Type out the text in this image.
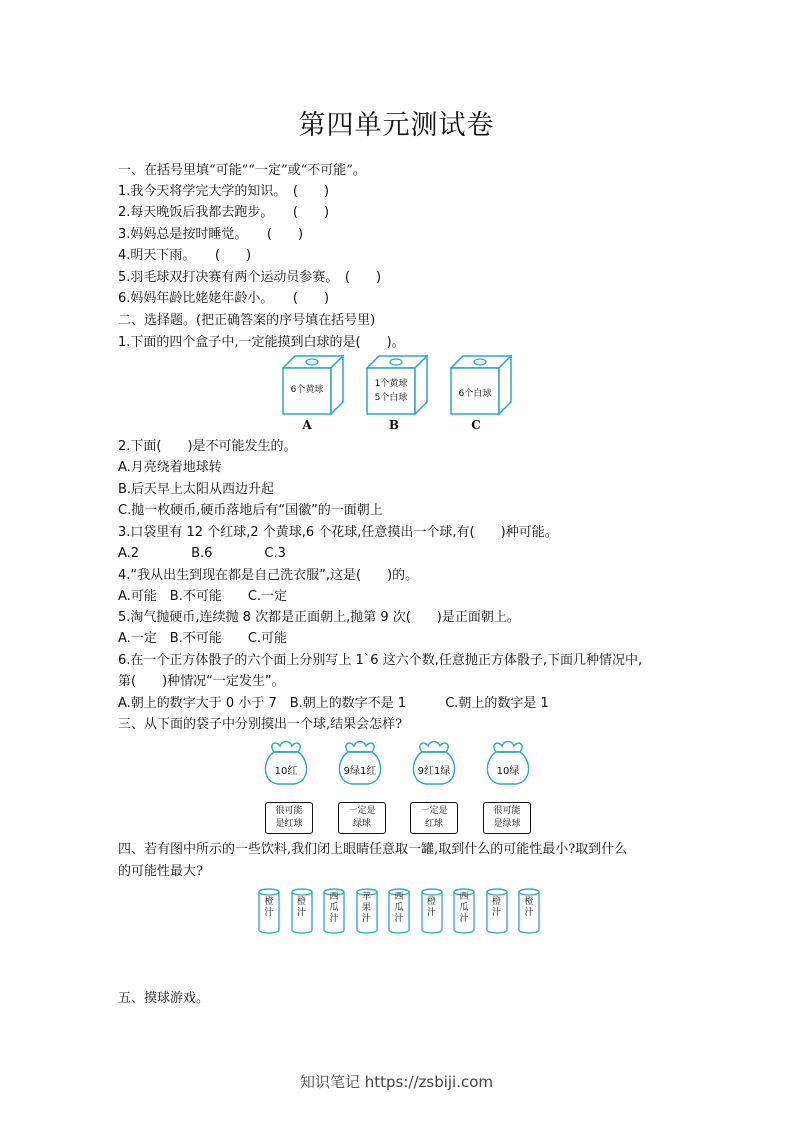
第四单元测试卷
一、在括号里填“可能”“一定”或“不可能”。
1.我今天将学完大学的知识。　(　　)
2.每天晚饭后我都去跑步。　　(　　)
3.妈妈总是按时睡觉。　　(　　)
4.明天下雨。　　(　　)
5.羽毛球双打决赛有两个运动员参赛。　(　　)
6.妈妈年龄比姥姥年龄小。　　(　　)
二、选择题。(把正确答案的序号填在括号里)
1.下面的四个盒子中,一定能摸到白球的是(　　)。
6个黄球
A
1个黄球
5个白球
B
6个白球
C
2.下面(　　)是不可能发生的。
A.月亮绕着地球转
B.后天早上太阳从西边升起
C.抛一枚硬币,硬币落地后有“国徽”的一面朝上
3.口袋里有 12 个红球,2 个黄球,6 个花球,任意摸出一个球,有(　　)种可能。
A.2　　　　B.6　　　　C.3
4.“我从出生到现在都是自己洗衣服”,这是(　　)的。
A.可能　B.不可能　　C.一定
5.淘气抛硬币,连续抛 8 次都是正面朝上,抛第 9 次(　　)是正面朝上。
A.一定　B.不可能　　C.可能
6.在一个正方体骰子的六个面上分别写上 1`6 这六个数,任意抛正方体骰子,下面几种情况中,
第(　　)种情况“一定发生”。
A.朝上的数字大于 0 小于 7　B.朝上的数字不是 1　　　C.朝上的数字是 1
三、从下面的袋子中分别摸出一个球,结果会怎样?
10红	9绿1红	9红1绿	10绿
很可能
是红球
一定是
绿球
一定是
红球
很可能
是绿球
四、若有图中所示的一些饮料,我们闭上眼睛任意取一罐,取到什么的可能性最小?取到什么
的可能性最大?
橙汁
橙汁
西瓜汁
苹果汁
西瓜汁
橙汁
西瓜汁
橙汁
橙汁
五、摸球游戏。
知识笔记 https://zsbiji.com
